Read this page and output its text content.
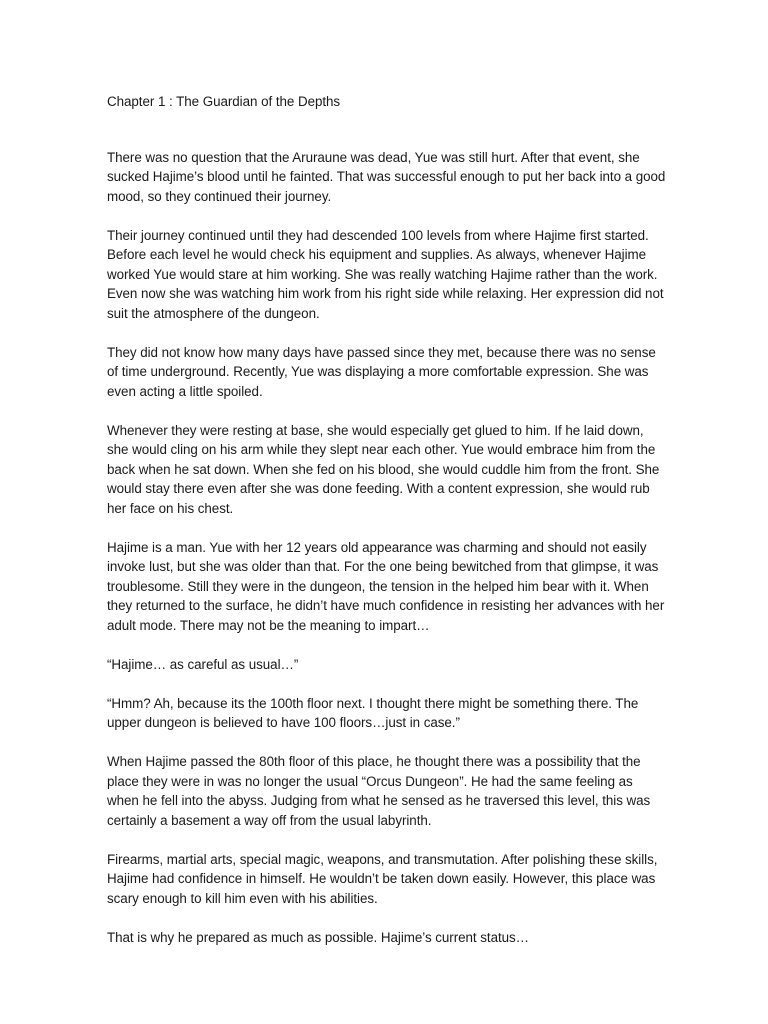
Chapter 1 : The Guardian of the Depths
There was no question that the Aruraune was dead, Yue was still hurt. After that event, she
sucked Hajime’s blood until he fainted. That was successful enough to put her back into a good
mood, so they continued their journey.
Their journey continued until they had descended 100 levels from where Hajime first started.
Before each level he would check his equipment and supplies. As always, whenever Hajime
worked Yue would stare at him working. She was really watching Hajime rather than the work.
Even now she was watching him work from his right side while relaxing. Her expression did not
suit the atmosphere of the dungeon.
They did not know how many days have passed since they met, because there was no sense
of time underground. Recently, Yue was displaying a more comfortable expression. She was
even acting a little spoiled.
Whenever they were resting at base, she would especially get glued to him. If he laid down,
she would cling on his arm while they slept near each other. Yue would embrace him from the
back when he sat down. When she fed on his blood, she would cuddle him from the front. She
would stay there even after she was done feeding. With a content expression, she would rub
her face on his chest.
Hajime is a man. Yue with her 12 years old appearance was charming and should not easily
invoke lust, but she was older than that. For the one being bewitched from that glimpse, it was
troublesome. Still they were in the dungeon, the tension in the helped him bear with it. When
they returned to the surface, he didn’t have much confidence in resisting her advances with her
adult mode. There may not be the meaning to impart…
“Hajime… as careful as usual…”
“Hmm? Ah, because its the 100th floor next. I thought there might be something there. The
upper dungeon is believed to have 100 floors…just in case.”
When Hajime passed the 80th floor of this place, he thought there was a possibility that the
place they were in was no longer the usual “Orcus Dungeon”. He had the same feeling as
when he fell into the abyss. Judging from what he sensed as he traversed this level, this was
certainly a basement a way off from the usual labyrinth.
Firearms, martial arts, special magic, weapons, and transmutation. After polishing these skills,
Hajime had confidence in himself. He wouldn’t be taken down easily. However, this place was
scary enough to kill him even with his abilities.
That is why he prepared as much as possible. Hajime’s current status…
